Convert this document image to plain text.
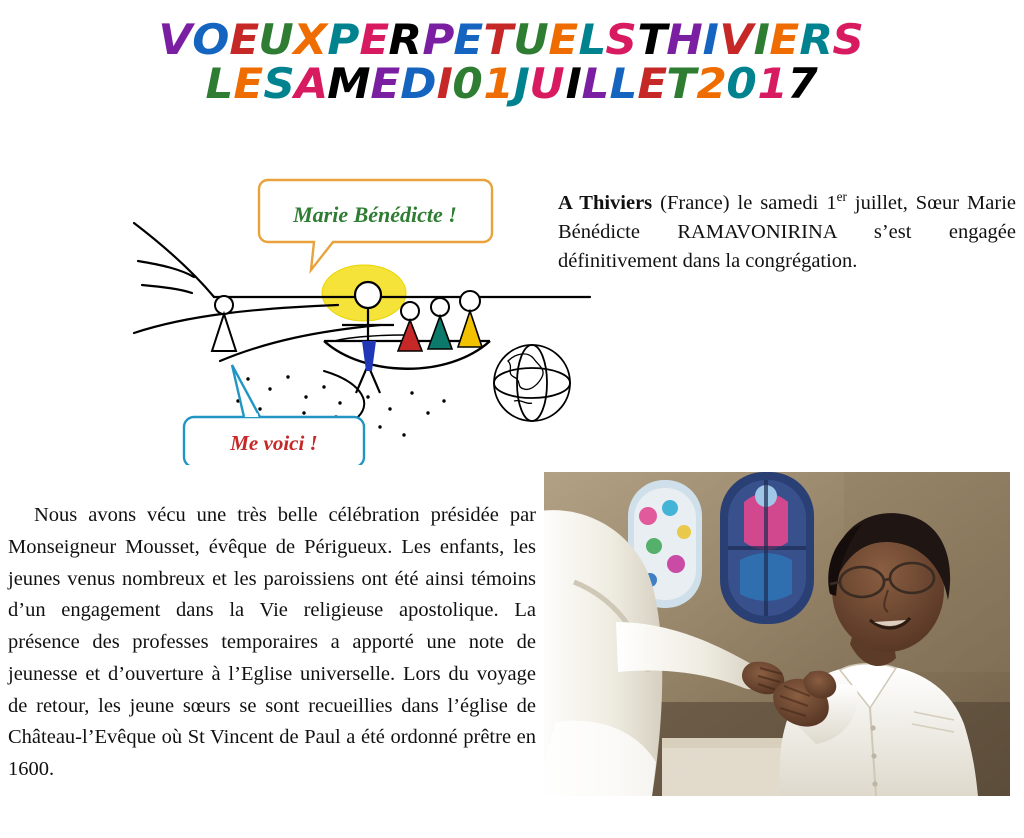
VOEUXPERPETUELSTHIVIERS
LESAMEDI01JUILLET2017
Marie Bénédicte !
Me voici !
A Thiviers (France) le samedi 1er juillet, Sœur Marie Bénédicte RAMAVONIRINA s’est engagée définitivement dans la congrégation.

Nous avons vécu une très belle célébration présidée par Monseigneur Mousset, évêque de Périgueux. Les enfants, les jeunes venus nombreux et les paroissiens ont été ainsi témoins d’un engagement dans la Vie religieuse apostolique. La présence des professes temporaires a apporté une note de jeunesse et d’ouverture à l’Eglise universelle. Lors du voyage de retour, les jeune sœurs se sont recueillies dans l’église de Château-l’Evêque où St Vincent de Paul a été ordonné prêtre en 1600.
